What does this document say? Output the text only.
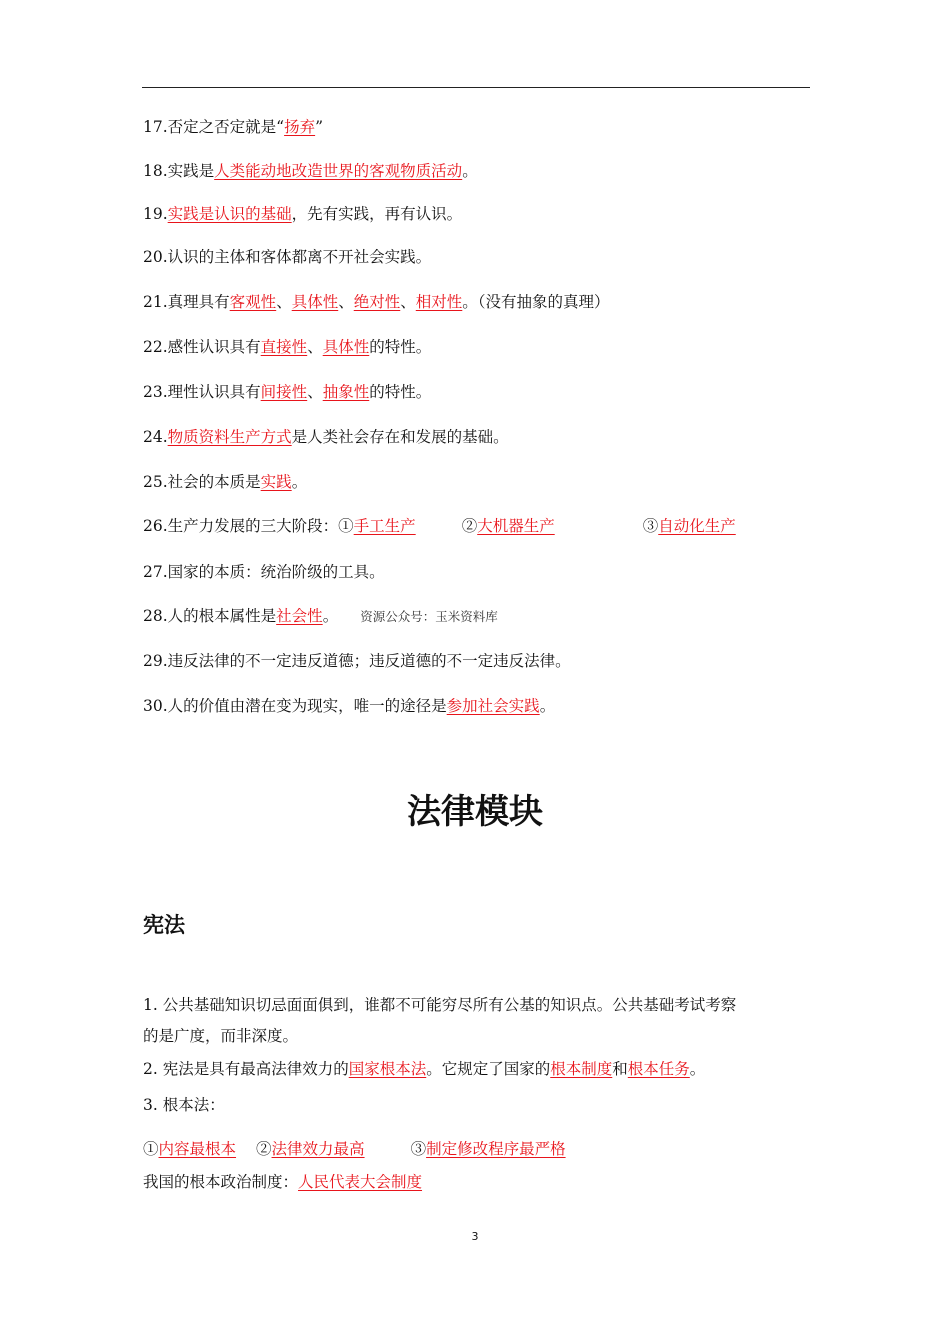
17.否定之否定就是“扬弃”
18.实践是人类能动地改造世界的客观物质活动。
19.实践是认识的基础，先有实践，再有认识。
20.认识的主体和客体都离不开社会实践。
21.真理具有客观性、具体性、绝对性、相对性。（没有抽象的真理）
22.感性认识具有直接性、具体性的特性。
23.理性认识具有间接性、抽象性的特性。
24.物质资料生产方式是人类社会存在和发展的基础。
25.社会的本质是实践。
26.生产力发展的三大阶段：①手工生产	②大机器生产	③自动化生产
27.国家的本质：统治阶级的工具。
28.人的根本属性是社会性。 资源公众号：玉米资料库
29.违反法律的不一定违反道德；违反道德的不一定违反法律。
30.人的价值由潜在变为现实，唯一的途径是参加社会实践。
法律模块
宪法
1. 公共基础知识切忌面面俱到，谁都不可能穷尽所有公基的知识点。公共基础考试考察
的是广度，而非深度。
2. 宪法是具有最高法律效力的国家根本法。它规定了国家的根本制度和根本任务。
3. 根本法：
①内容最根本 ②法律效力最高	③制定修改程序最严格
我国的根本政治制度：人民代表大会制度
3
